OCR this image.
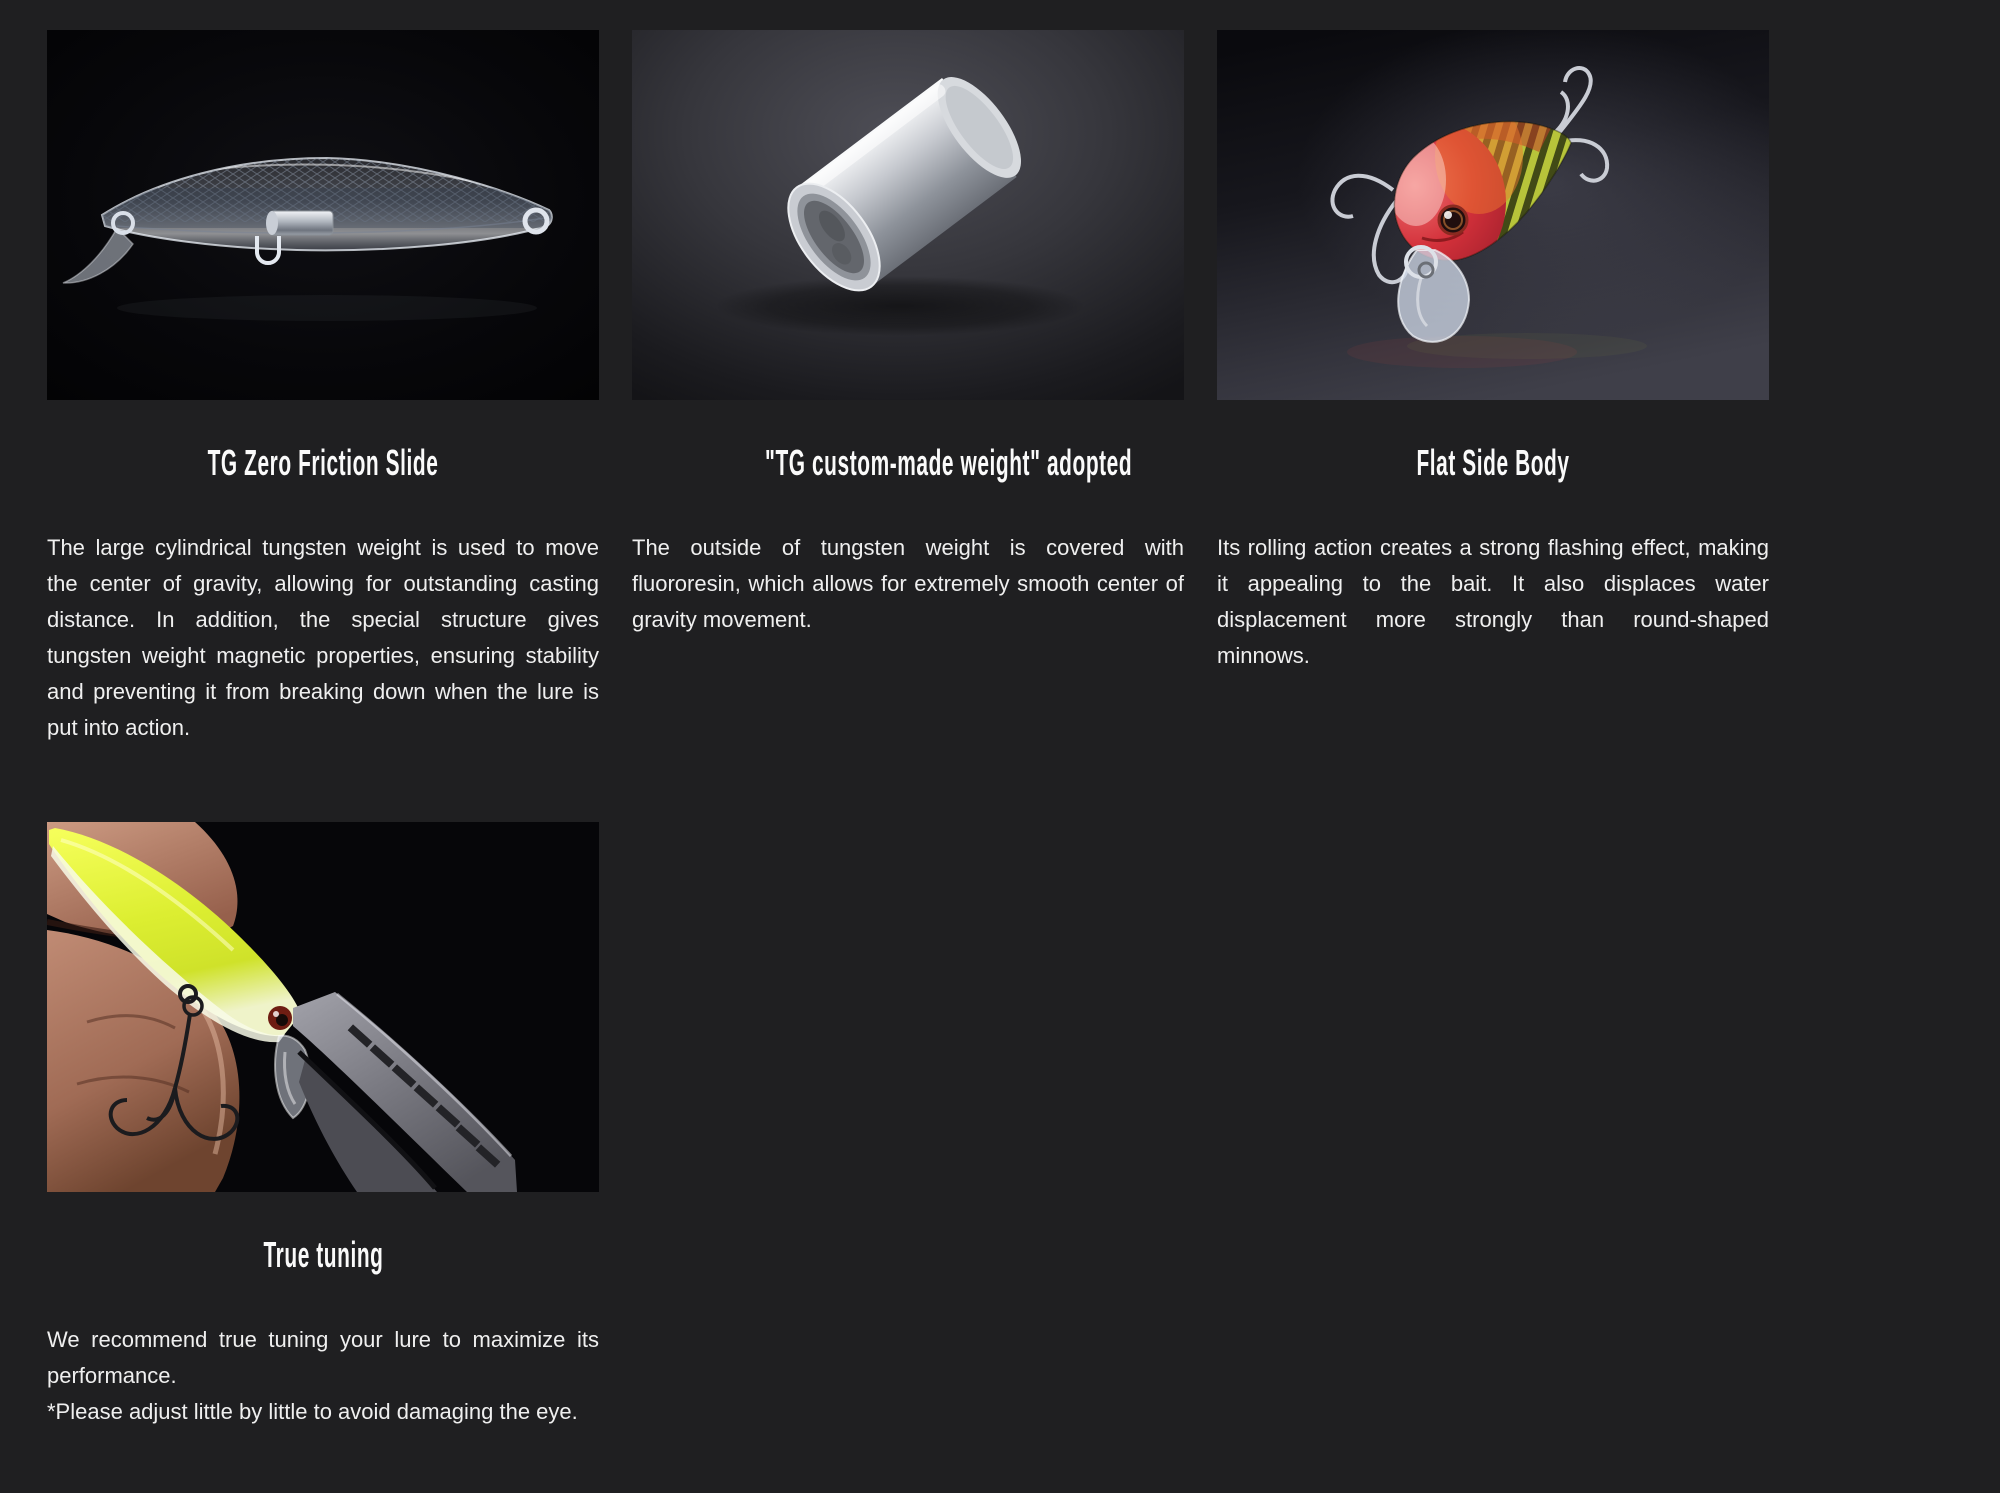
TG Zero Friction Slide

The large cylindrical tungsten weight is used to move the center of gravity, allowing for outstanding casting distance. In addition, the special structure gives tungsten weight magnetic properties, ensuring stability and preventing it from breaking down when the lure is put into action.

"TG custom-made weight" adopted

The outside of tungsten weight is covered with fluororesin, which allows for extremely smooth center of gravity movement.

Flat Side Body

Its rolling action creates a strong flashing effect, making it appealing to the bait. It also displaces water displacement more strongly than round-shaped minnows.

True tuning

We recommend true tuning your lure to maximize its performance.

*Please adjust little by little to avoid damaging the eye.
